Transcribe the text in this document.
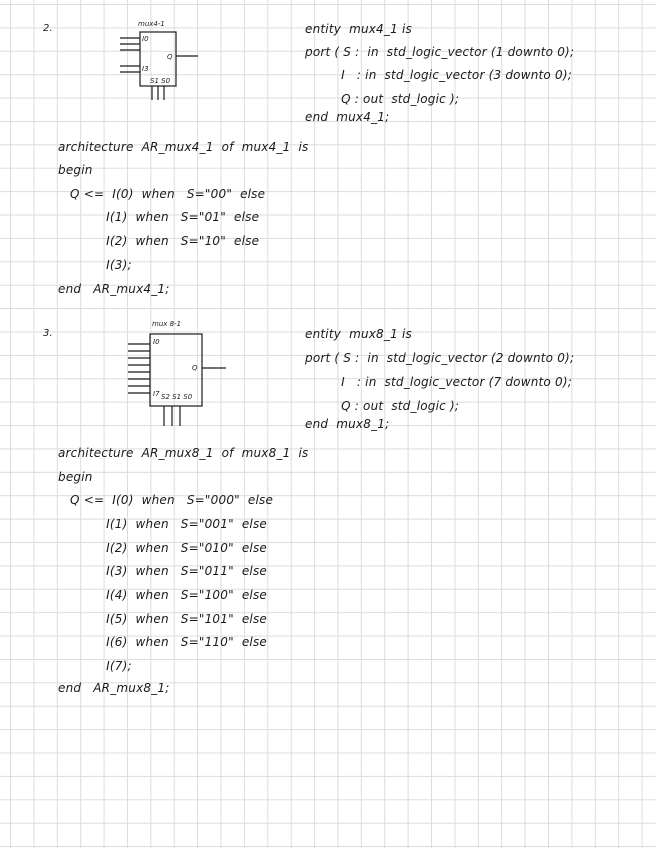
2.	mux4-1
I0
I3
Q
S1 S0
entity  mux4_1 is
port ( S :  in  std_logic_vector (1 downto 0);
I   : in  std_logic_vector (3 downto 0);
Q : out  std_logic );
end  mux4_1;
architecture  AR_mux4_1  of  mux4_1  is
begin
Q <=  I(0)  when   S="00"  else
I(1)  when   S="01"  else
I(2)  when   S="10"  else
I(3);
end   AR_mux4_1;
3.
mux 8-1
I0
I7
Q
S2 S1 S0
entity  mux8_1 is
port ( S :  in  std_logic_vector (2 downto 0);
I   : in  std_logic_vector (7 downto 0);
Q : out  std_logic );
end  mux8_1;
architecture  AR_mux8_1  of  mux8_1  is
begin
Q <=  I(0)  when   S="000"  else
I(1)  when   S="001"  else
I(2)  when   S="010"  else
I(3)  when   S="011"  else
I(4)  when   S="100"  else
I(5)  when   S="101"  else
I(6)  when   S="110"  else
I(7);
end   AR_mux8_1;
